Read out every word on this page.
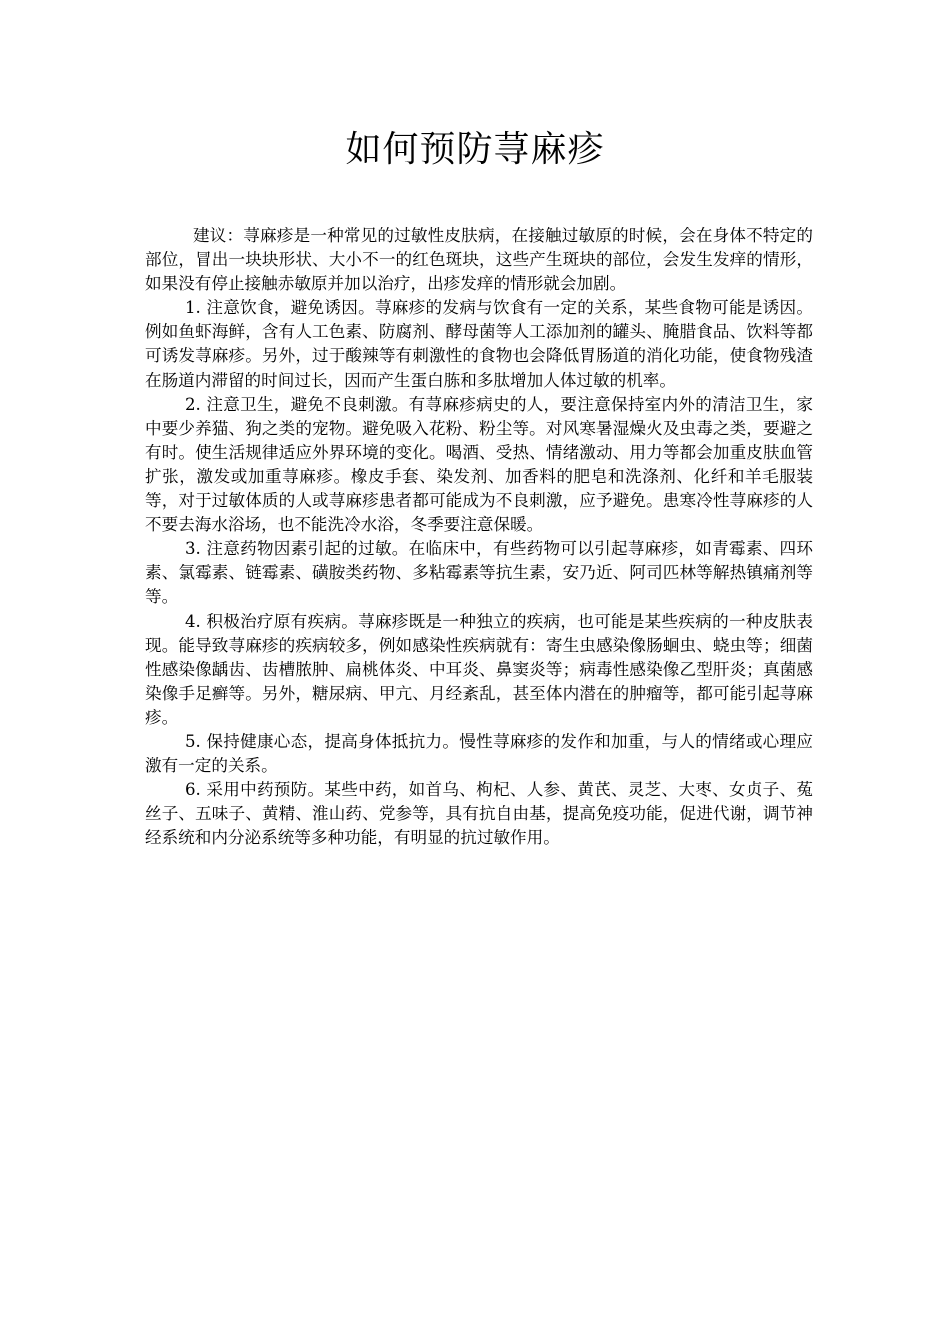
如何预防荨麻疹

建议：荨麻疹是一种常见的过敏性皮肤病，在接触过敏原的时候，会在身体不特定的部位，冒出一块块形状、大小不一的红色斑块，这些产生斑块的部位，会发生发痒的情形，如果没有停止接触赤敏原并加以治疗，出疹发痒的情形就会加剧。

1. 注意饮食，避免诱因。荨麻疹的发病与饮食有一定的关系，某些食物可能是诱因。例如鱼虾海鲜，含有人工色素、防腐剂、酵母菌等人工添加剂的罐头、腌腊食品、饮料等都可诱发荨麻疹。另外，过于酸辣等有刺激性的食物也会降低胃肠道的消化功能，使食物残渣在肠道内滞留的时间过长，因而产生蛋白胨和多肽增加人体过敏的机率。

2. 注意卫生，避免不良刺激。有荨麻疹病史的人，要注意保持室内外的清洁卫生，家中要少养猫、狗之类的宠物。避免吸入花粉、粉尘等。对风寒暑湿燥火及虫毒之类，要避之有时。使生活规律适应外界环境的变化。喝酒、受热、情绪激动、用力等都会加重皮肤血管扩张，激发或加重荨麻疹。橡皮手套、染发剂、加香料的肥皂和洗涤剂、化纤和羊毛服装等，对于过敏体质的人或荨麻疹患者都可能成为不良刺激，应予避免。患寒冷性荨麻疹的人不要去海水浴场，也不能洗冷水浴，冬季要注意保暖。

3. 注意药物因素引起的过敏。在临床中，有些药物可以引起荨麻疹，如青霉素、四环素、氯霉素、链霉素、磺胺类药物、多粘霉素等抗生素，安乃近、阿司匹林等解热镇痛剂等等。

4. 积极治疗原有疾病。荨麻疹既是一种独立的疾病，也可能是某些疾病的一种皮肤表现。能导致荨麻疹的疾病较多，例如感染性疾病就有：寄生虫感染像肠蛔虫、蛲虫等；细菌性感染像龋齿、齿槽脓肿、扁桃体炎、中耳炎、鼻窦炎等；病毒性感染像乙型肝炎；真菌感染像手足癣等。另外，糖尿病、甲亢、月经紊乱，甚至体内潜在的肿瘤等，都可能引起荨麻疹。

5. 保持健康心态，提高身体抵抗力。慢性荨麻疹的发作和加重，与人的情绪或心理应激有一定的关系。

6. 采用中药预防。某些中药，如首乌、枸杞、人参、黄芪、灵芝、大枣、女贞子、菟丝子、五味子、黄精、淮山药、党参等，具有抗自由基，提高免疫功能，促进代谢，调节神经系统和内分泌系统等多种功能，有明显的抗过敏作用。
